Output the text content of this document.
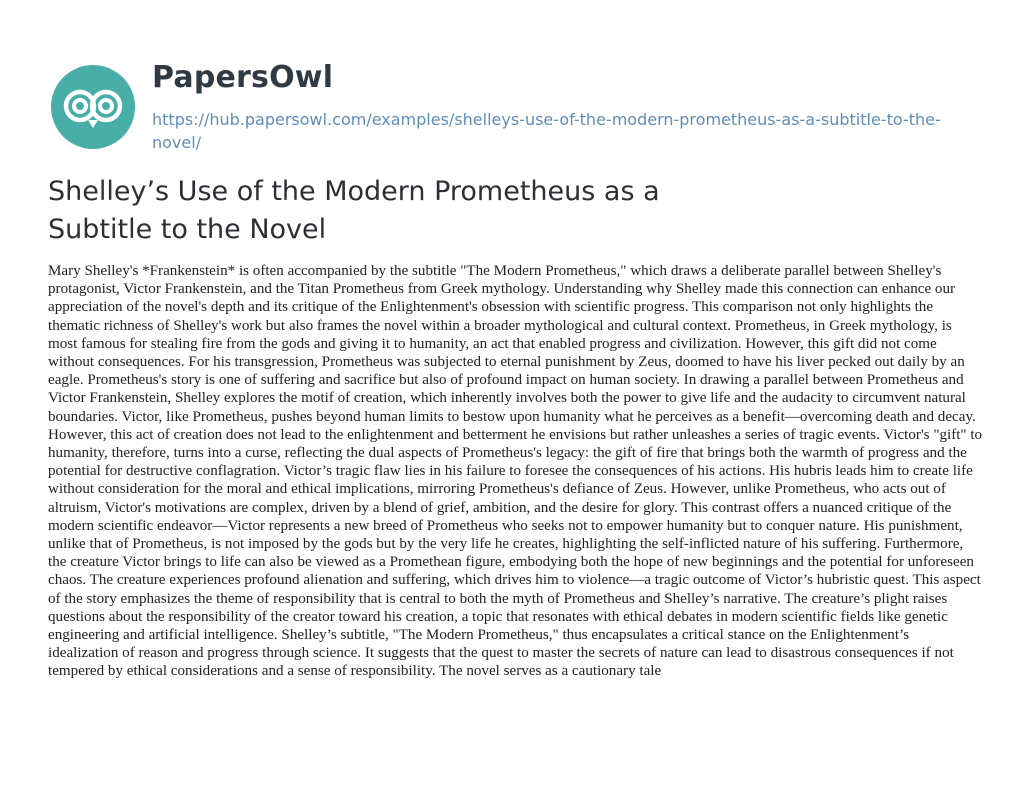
PapersOwl
https://hub.papersowl.com/examples/shelleys-use-of-the-modern-prometheus-as-a-subtitle-to-the-novel/
Shelley’s Use of the Modern Prometheus as a Subtitle to the Novel

Mary Shelley's *Frankenstein* is often accompanied by the subtitle "The Modern Prometheus," which draws a deliberate parallel between Shelley's protagonist, Victor Frankenstein, and the Titan Prometheus from Greek mythology. Understanding why Shelley made this connection can enhance our appreciation of the novel's depth and its critique of the Enlightenment's obsession with scientific progress. This comparison not only highlights the thematic richness of Shelley's work but also frames the novel within a broader mythological and cultural context. Prometheus, in Greek mythology, is most famous for stealing fire from the gods and giving it to humanity, an act that enabled progress and civilization. However, this gift did not come without consequences. For his transgression, Prometheus was subjected to eternal punishment by Zeus, doomed to have his liver pecked out daily by an eagle. Prometheus's story is one of suffering and sacrifice but also of profound impact on human society. In drawing a parallel between Prometheus and Victor Frankenstein, Shelley explores the motif of creation, which inherently involves both the power to give life and the audacity to circumvent natural boundaries. Victor, like Prometheus, pushes beyond human limits to bestow upon humanity what he perceives as a benefit—overcoming death and decay. However, this act of creation does not lead to the enlightenment and betterment he envisions but rather unleashes a series of tragic events. Victor's "gift" to humanity, therefore, turns into a curse, reflecting the dual aspects of Prometheus's legacy: the gift of fire that brings both the warmth of progress and the potential for destructive conflagration. Victor’s tragic flaw lies in his failure to foresee the consequences of his actions. His hubris leads him to create life without consideration for the moral and ethical implications, mirroring Prometheus's defiance of Zeus. However, unlike Prometheus, who acts out of altruism, Victor's motivations are complex, driven by a blend of grief, ambition, and the desire for glory. This contrast offers a nuanced critique of the modern scientific endeavor—Victor represents a new breed of Prometheus who seeks not to empower humanity but to conquer nature. His punishment, unlike that of Prometheus, is not imposed by the gods but by the very life he creates, highlighting the self-inflicted nature of his suffering. Furthermore, the creature Victor brings to life can also be viewed as a Promethean figure, embodying both the hope of new beginnings and the potential for unforeseen chaos. The creature experiences profound alienation and suffering, which drives him to violence—a tragic outcome of Victor’s hubristic quest. This aspect of the story emphasizes the theme of responsibility that is central to both the myth of Prometheus and Shelley’s narrative. The creature’s plight raises questions about the responsibility of the creator toward his creation, a topic that resonates with ethical debates in modern scientific fields like genetic engineering and artificial intelligence. Shelley’s subtitle, "The Modern Prometheus," thus encapsulates a critical stance on the Enlightenment’s idealization of reason and progress through science. It suggests that the quest to master the secrets of nature can lead to disastrous consequences if not tempered by ethical considerations and a sense of responsibility. The novel serves as a cautionary tale
